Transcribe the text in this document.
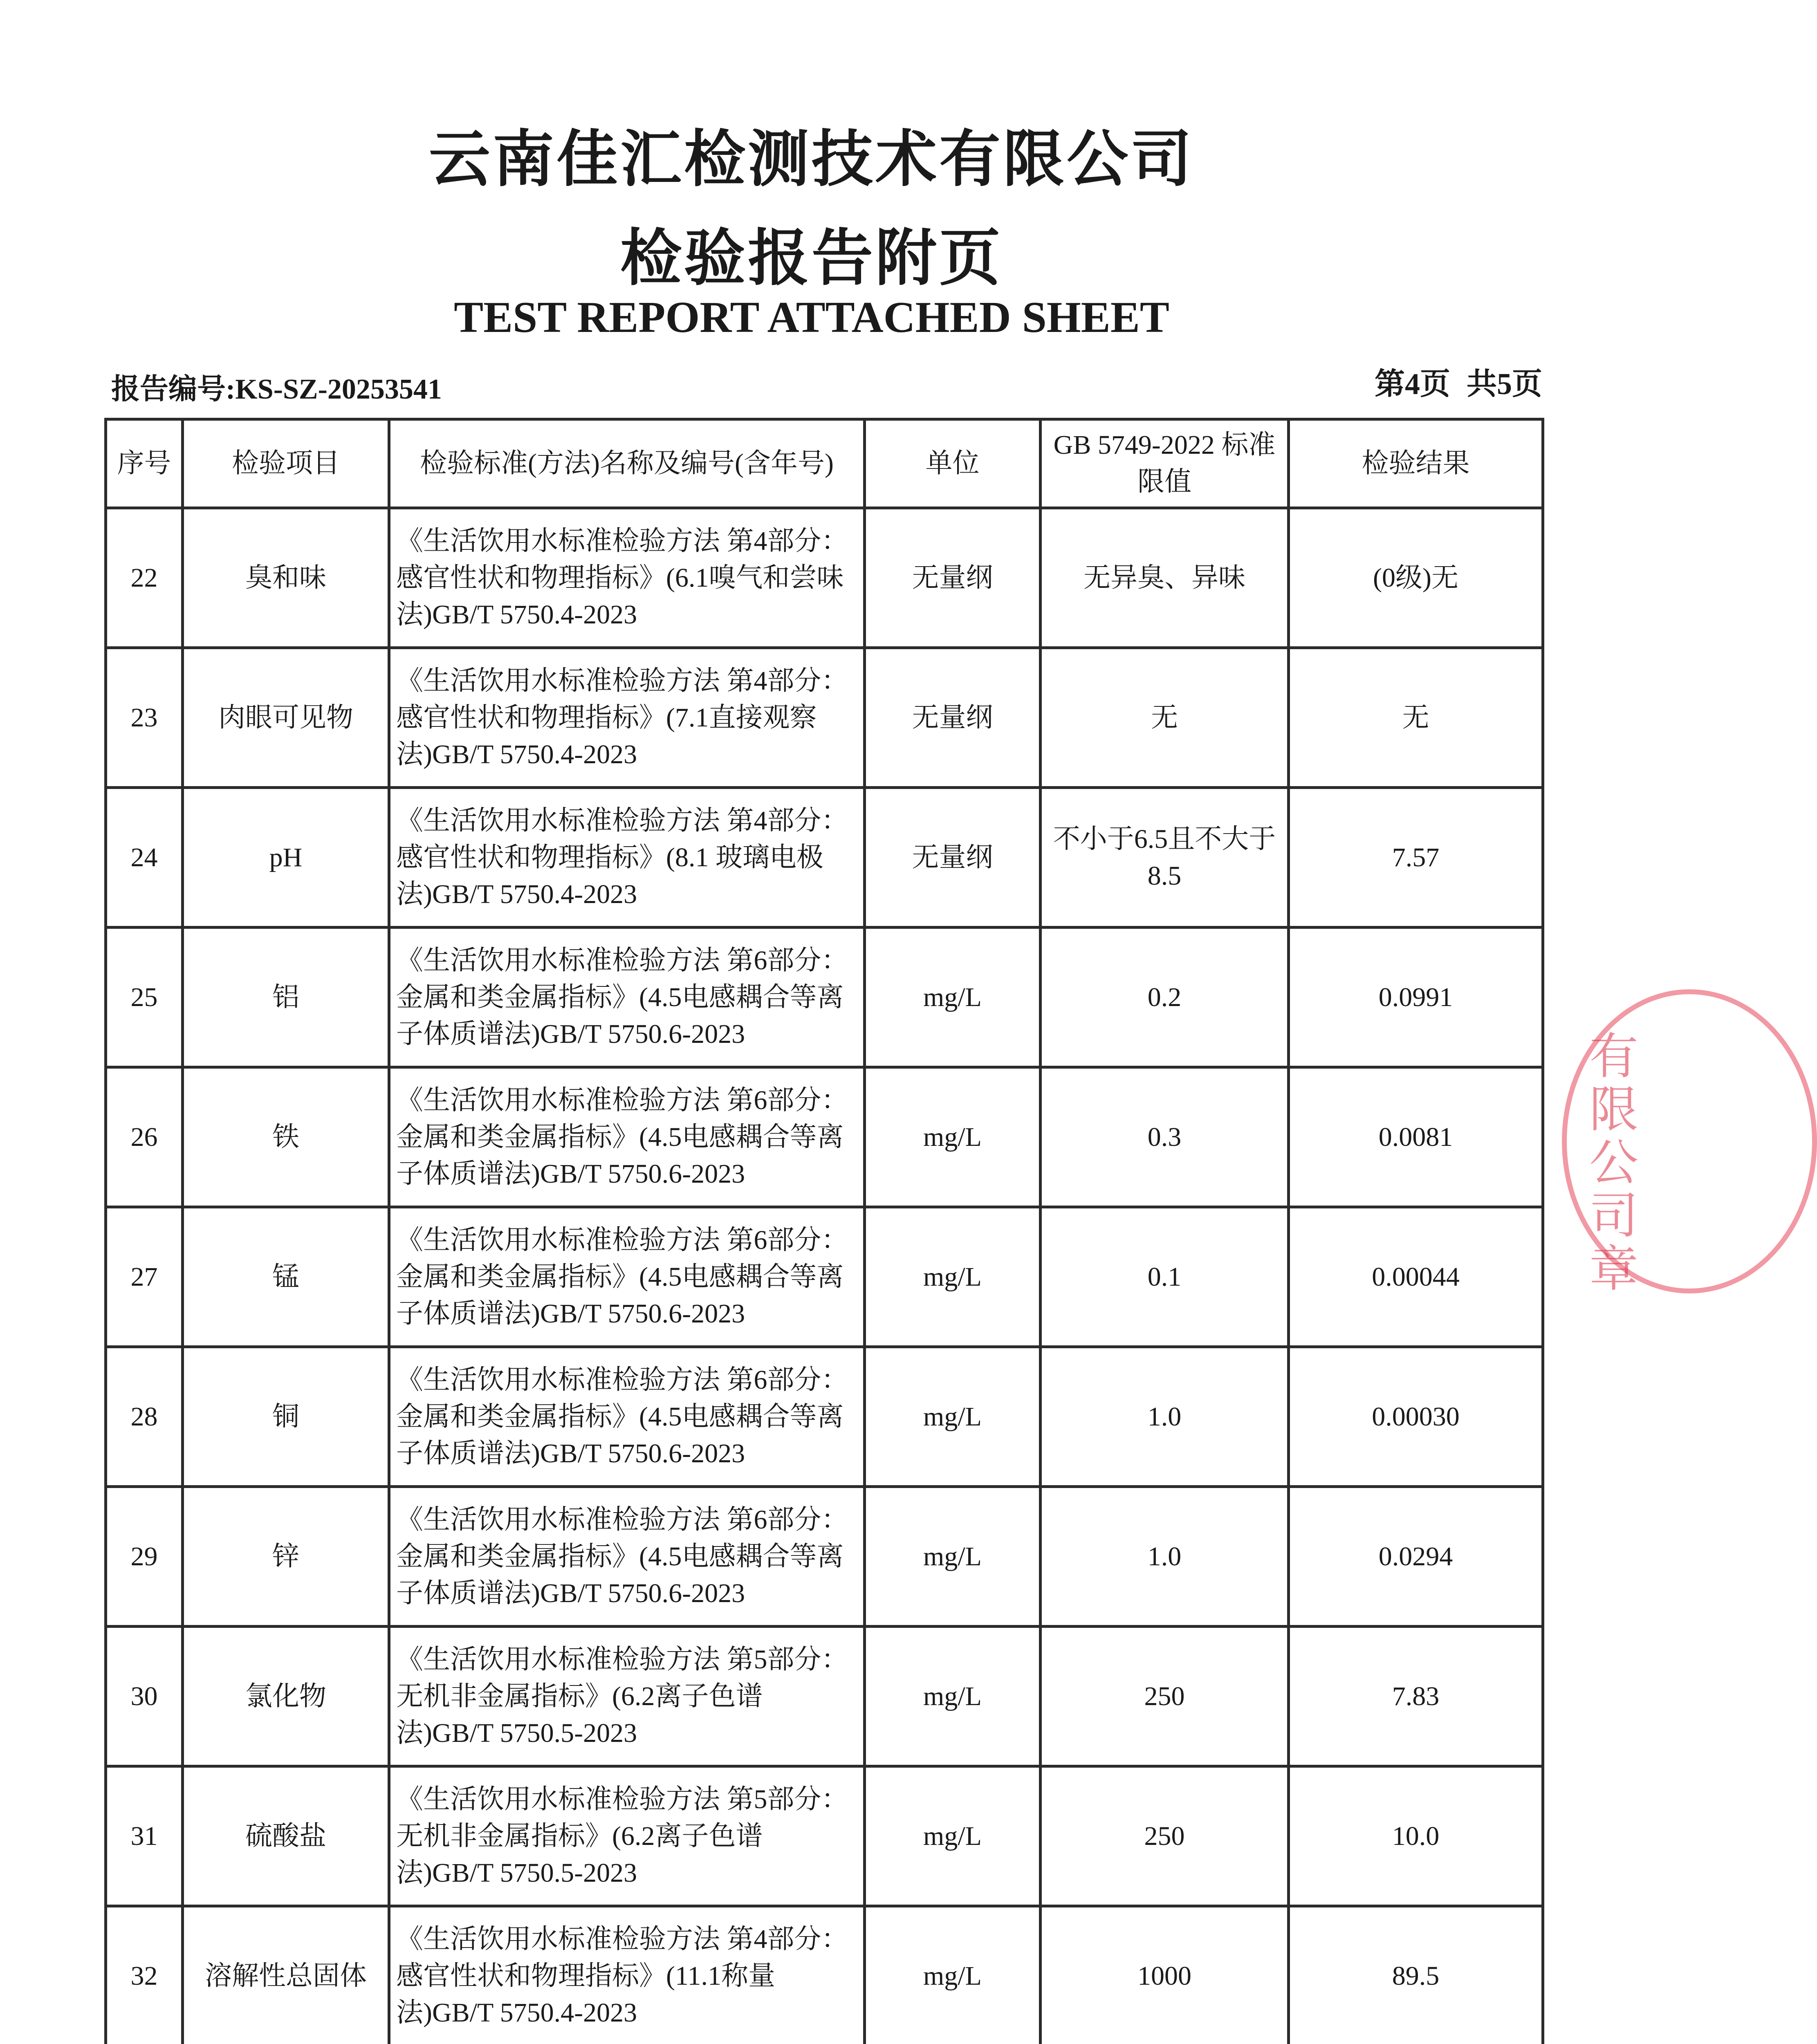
云南佳汇检测技术有限公司
检验报告附页
TEST REPORT ATTACHED SHEET
报告编号:KS-SZ-20253541	第4页 共5页
序号	检验项目	检验标准(方法)名称及编号(含年号)	单位	GB 5749-2022 标准限值	检验结果
22	臭和味	《生活饮用水标准检验方法 第4部分：感官性状和物理指标》(6.1嗅气和尝味法)GB/T 5750.4-2023	无量纲	无异臭、异味	(0级)无
23	肉眼可见物	《生活饮用水标准检验方法 第4部分：感官性状和物理指标》(7.1直接观察法)GB/T 5750.4-2023	无量纲	无	无
24	pH	《生活饮用水标准检验方法 第4部分：感官性状和物理指标》(8.1 玻璃电极法)GB/T 5750.4-2023	无量纲	不小于6.5且不大于8.5	7.57
25	铝	《生活饮用水标准检验方法 第6部分：金属和类金属指标》(4.5电感耦合等离子体质谱法)GB/T 5750.6-2023	mg/L	0.2	0.0991
26	铁	《生活饮用水标准检验方法 第6部分：金属和类金属指标》(4.5电感耦合等离子体质谱法)GB/T 5750.6-2023	mg/L	0.3	0.0081
27	锰	《生活饮用水标准检验方法 第6部分：金属和类金属指标》(4.5电感耦合等离子体质谱法)GB/T 5750.6-2023	mg/L	0.1	0.00044
28	铜	《生活饮用水标准检验方法 第6部分：金属和类金属指标》(4.5电感耦合等离子体质谱法)GB/T 5750.6-2023	mg/L	1.0	0.00030
29	锌	《生活饮用水标准检验方法 第6部分：金属和类金属指标》(4.5电感耦合等离子体质谱法)GB/T 5750.6-2023	mg/L	1.0	0.0294
30	氯化物	《生活饮用水标准检验方法 第5部分：无机非金属指标》(6.2离子色谱法)GB/T 5750.5-2023	mg/L	250	7.83
31	硫酸盐	《生活饮用水标准检验方法 第5部分：无机非金属指标》(6.2离子色谱法)GB/T 5750.5-2023	mg/L	250	10.0
32	溶解性总固体	《生活饮用水标准检验方法 第4部分：感官性状和物理指标》(11.1称量法)GB/T 5750.4-2023	mg/L	1000	89.5

有限公司章
